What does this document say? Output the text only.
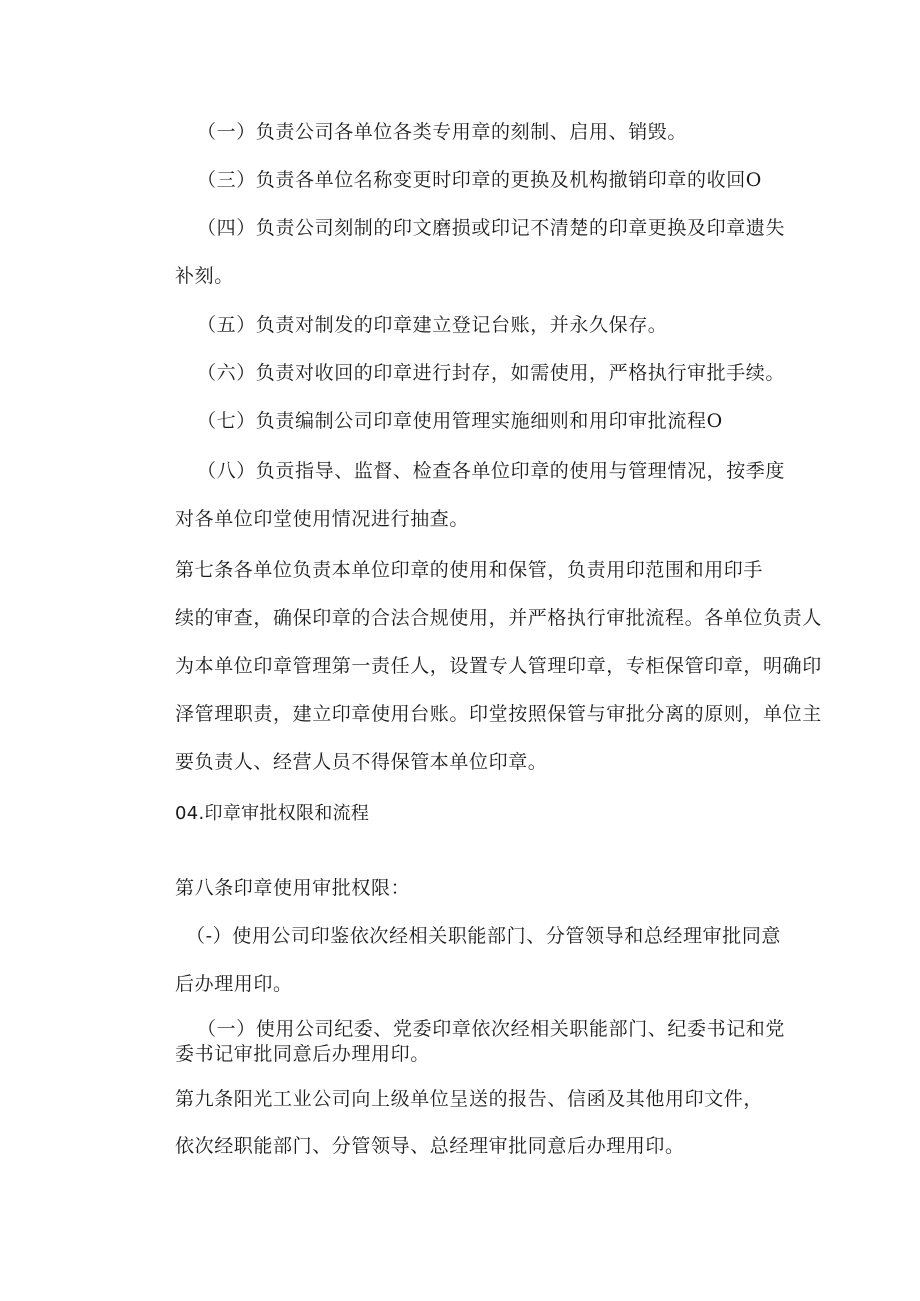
（一）负责公司各单位各类专用章的刻制、启用、销毁。
（三）负责各单位名称变更时印章的更换及机构撤销印章的收回O
（四）负责公司刻制的印文磨损或印记不清楚的印章更换及印章遗失
补刻。
（五）负责对制发的印章建立登记台账，并永久保存。
（六）负责对收回的印章进行封存，如需使用，严格执行审批手续。
（七）负责编制公司印章使用管理实施细则和用印审批流程O
（八）负贡指导、监督、检查各单位印章的使用与管理情况，按季度
对各单位印堂使用情况进行抽查。
第七条各单位负责本单位印章的使用和保管，负责用印范围和用印手
续的审查，确保印章的合法合规使用，并严格执行审批流程。各单位负责人
为本单位印章管理第一责任人，设置专人管理印章，专柜保管印章，明确印
泽管理职责，建立印章使用台账。印堂按照保管与审批分离的原则，单位主
要负责人、经营人员不得保管本单位印章。
04.印章审批权限和流程
第八条印章使用审批权限：
（-）使用公司印鉴依次经相关职能部门、分管领导和总经理审批同意
后办理用印。
（一）使用公司纪委、党委印章依次经相关职能部门、纪委书记和党
委书记审批同意后办理用印。
第九条阳光工业公司向上级单位呈送的报告、信函及其他用印文件，
依次经职能部门、分管领导、总经理审批同意后办理用印。
